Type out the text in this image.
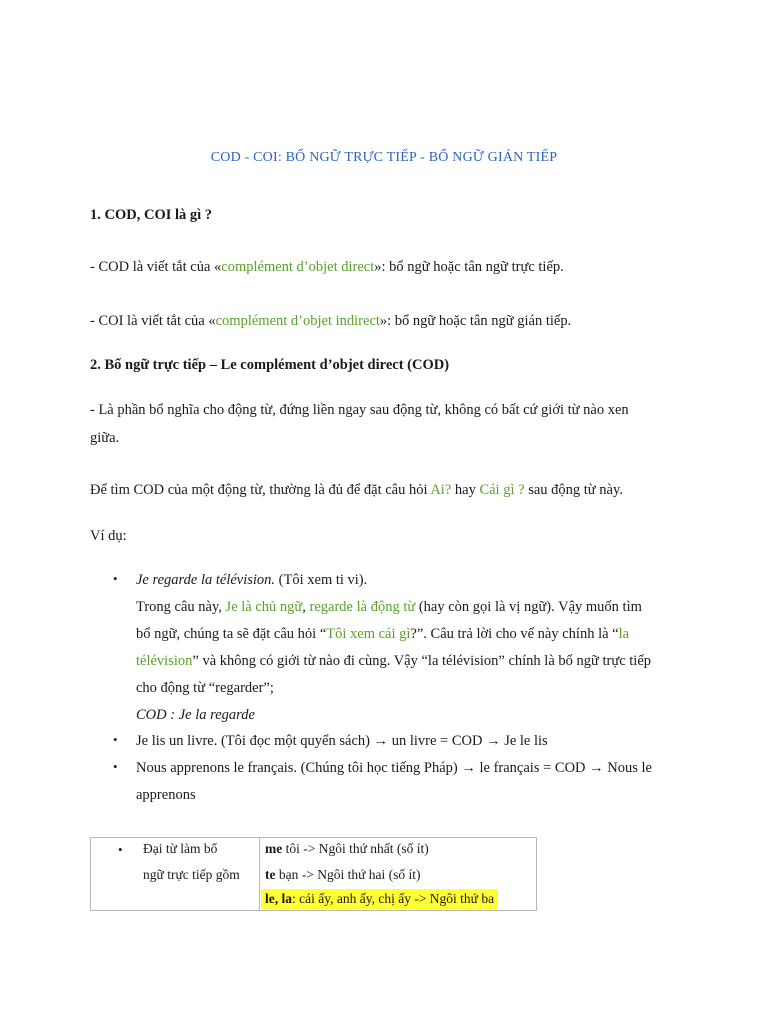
COD - COI: BỔ NGỮ TRỰC TIẾP - BỔ NGỮ GIÁN TIẾP
1. COD, COI là gì ?
- COD là viết tắt của «complément d’objet direct»: bổ ngữ hoặc tân ngữ trực tiếp.
- COI là viết tắt của «complément d’objet indirect»: bổ ngữ hoặc tân ngữ gián tiếp.
2. Bổ ngữ trực tiếp – Le complément d’objet direct (COD)
- Là phần bổ nghĩa cho động từ, đứng liền ngay sau động từ, không có bất cứ giới từ nào xen
giữa.
Để tìm COD của một động từ, thường là đủ để đặt câu hỏi Ai? hay Cái gì ? sau động từ này.
Ví dụ:
• Je regarde la télévision. (Tôi xem ti vi).
Trong câu này, Je là chủ ngữ, regarde là động từ (hay còn gọi là vị ngữ). Vậy muốn tìm
bổ ngữ, chúng ta sẽ đặt câu hỏi “Tôi xem cái gì?”. Câu trả lời cho vế này chính là “la
télévision” và không có giới từ nào đi cùng. Vậy “la télévision” chính là bổ ngữ trực tiếp
cho động từ “regarder”;
COD : Je la regarde
• Je lis un livre. (Tôi đọc một quyển sách) → un livre = COD → Je le lis
• Nous apprenons le français. (Chúng tôi học tiếng Pháp) → le français = COD → Nous le
apprenons
• Đại từ làm bổ
ngữ trực tiếp gồm
me tôi -> Ngôi thứ nhất (số ít)
te bạn -> Ngôi thứ hai (số ít)
le, la: cái ấy, anh ấy, chị ấy -> Ngôi thứ ba
